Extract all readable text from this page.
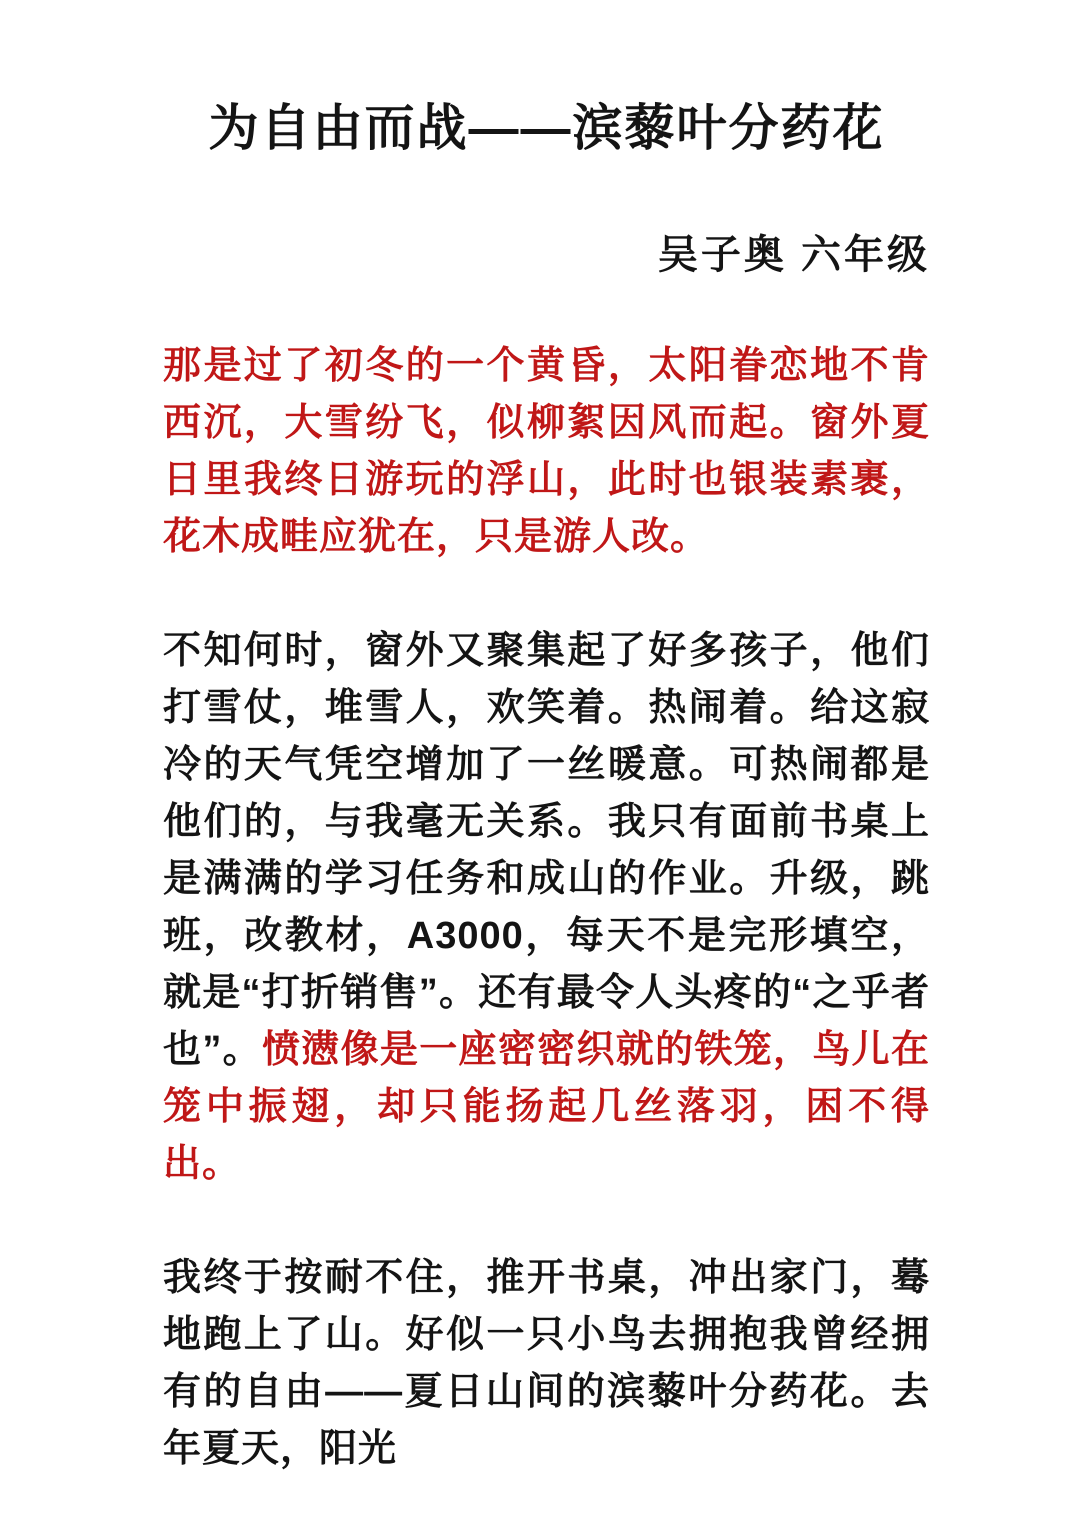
为自由而战——滨藜叶分药花
吴子奥 六年级

那是过了初冬的一个黄昏，太阳眷恋地不肯西沉，大雪纷飞，似柳絮因风而起。窗外夏日里我终日游玩的浮山，此时也银装素裹，花木成畦应犹在，只是游人改。

不知何时，窗外又聚集起了好多孩子，他们打雪仗，堆雪人，欢笑着。热闹着。给这寂冷的天气凭空增加了一丝暖意。可热闹都是他们的，与我毫无关系。我只有面前书桌上是满满的学习任务和成山的作业。升级，跳班，改教材，A3000，每天不是完形填空，就是“打折销售”。还有最令人头疼的“之乎者也”。愤懑像是一座密密织就的铁笼，鸟儿在笼中振翅，却只能扬起几丝落羽，困不得出。

我终于按耐不住，推开书桌，冲出家门，蓦地跑上了山。好似一只小鸟去拥抱我曾经拥有的自由——夏日山间的滨藜叶分药花。去年夏天，阳光
